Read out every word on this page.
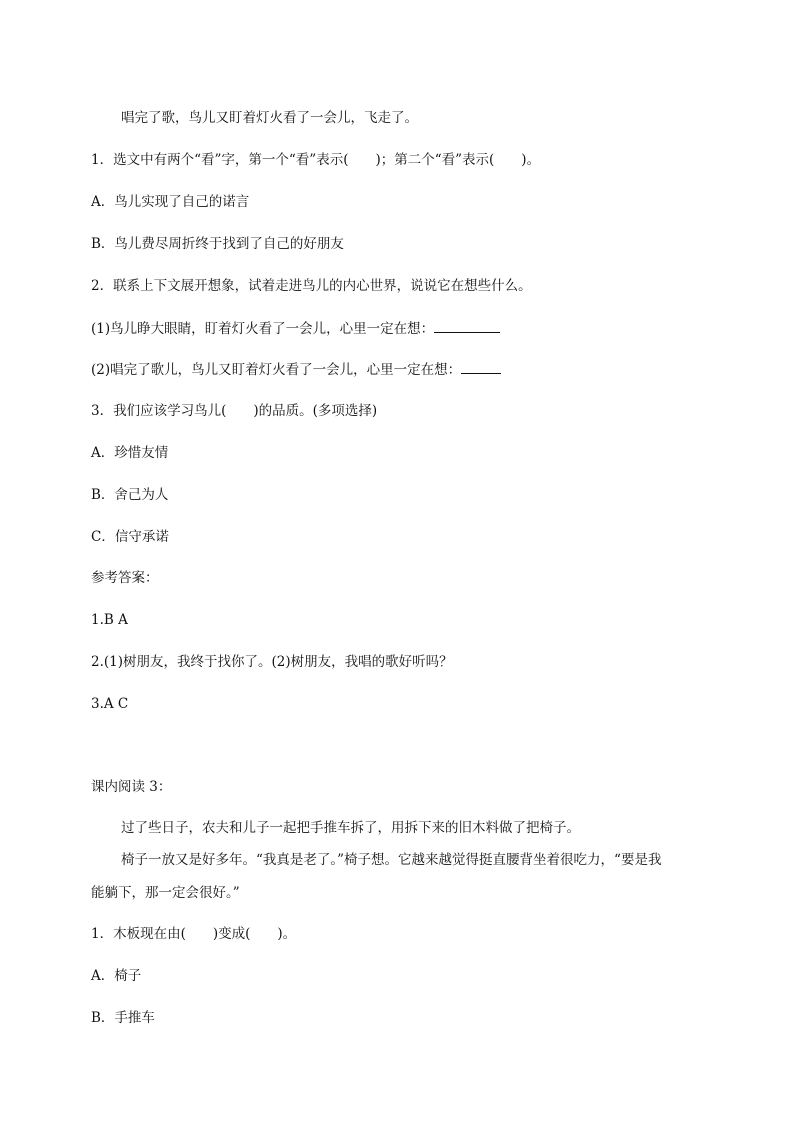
唱完了歌，鸟儿又盯着灯火看了一会儿，飞走了。
1．选文中有两个“看”字，第一个“看”表示(　　)；第二个“看”表示(　　)。
A．鸟儿实现了自己的诺言
B．鸟儿费尽周折终于找到了自己的好朋友
2．联系上下文展开想象，试着走进鸟儿的内心世界，说说它在想些什么。
(1)鸟儿睁大眼睛，盯着灯火看了一会儿，心里一定在想：
(2)唱完了歌儿，鸟儿又盯着灯火看了一会儿，心里一定在想：
3．我们应该学习鸟儿(　　)的品质。(多项选择)
A．珍惜友情
B．舍己为人
C．信守承诺
参考答案：
1.B A
2.(1)树朋友，我终于找你了。(2)树朋友，我唱的歌好听吗？
3.A C
课内阅读 3：
过了些日子，农夫和儿子一起把手推车拆了，用拆下来的旧木料做了把椅子。
椅子一放又是好多年。“我真是老了。”椅子想。它越来越觉得挺直腰背坐着很吃力，“要是我
能躺下，那一定会很好。”
1．木板现在由(　　)变成(　　)。
A．椅子
B．手推车
